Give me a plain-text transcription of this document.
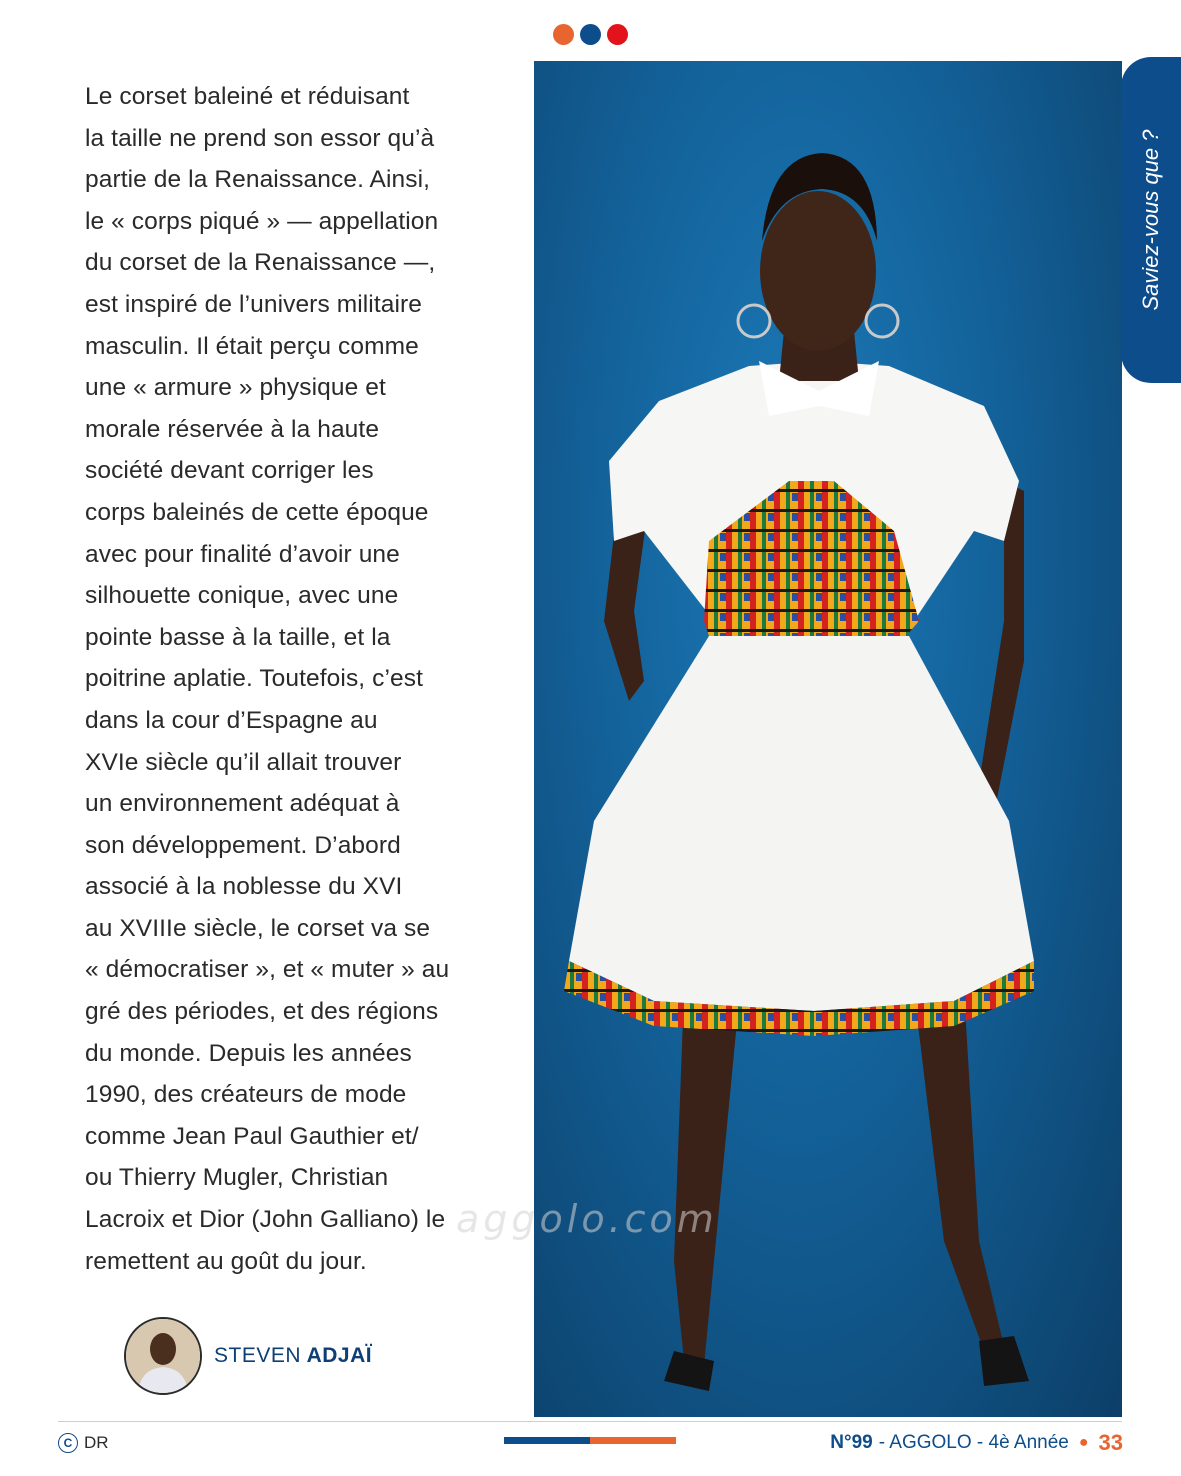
Le corset baleiné et réduisant
la taille ne prend son essor qu’à
partie de la Renaissance. Ainsi,
le « corps piqué » — appellation
du corset de la Renaissance —,
est inspiré de l’univers militaire
masculin. Il était perçu comme
une « armure » physique et
morale réservée à la haute
société devant corriger les
corps baleinés de cette époque
avec pour finalité d’avoir une
silhouette conique, avec une
pointe basse à la taille, et la
poitrine aplatie. Toutefois, c’est
dans la cour d’Espagne au
XVIe siècle qu’il allait trouver
un environnement adéquat à
son développement. D’abord
associé à la noblesse du XVI
au XVIIIe siècle, le corset va se
« démocratiser », et « muter » au
gré des périodes, et des régions
du monde. Depuis les années
1990, des créateurs de mode
comme Jean Paul Gauthier et/
ou Thierry Mugler, Christian
Lacroix et Dior (John Galliano) le
remettent au goût du jour.
Saviez-vous que ?
aggolo.com
STEVEN ADJAÏ
C DR	N°99 - AGGOLO - 4è Année ● 33
